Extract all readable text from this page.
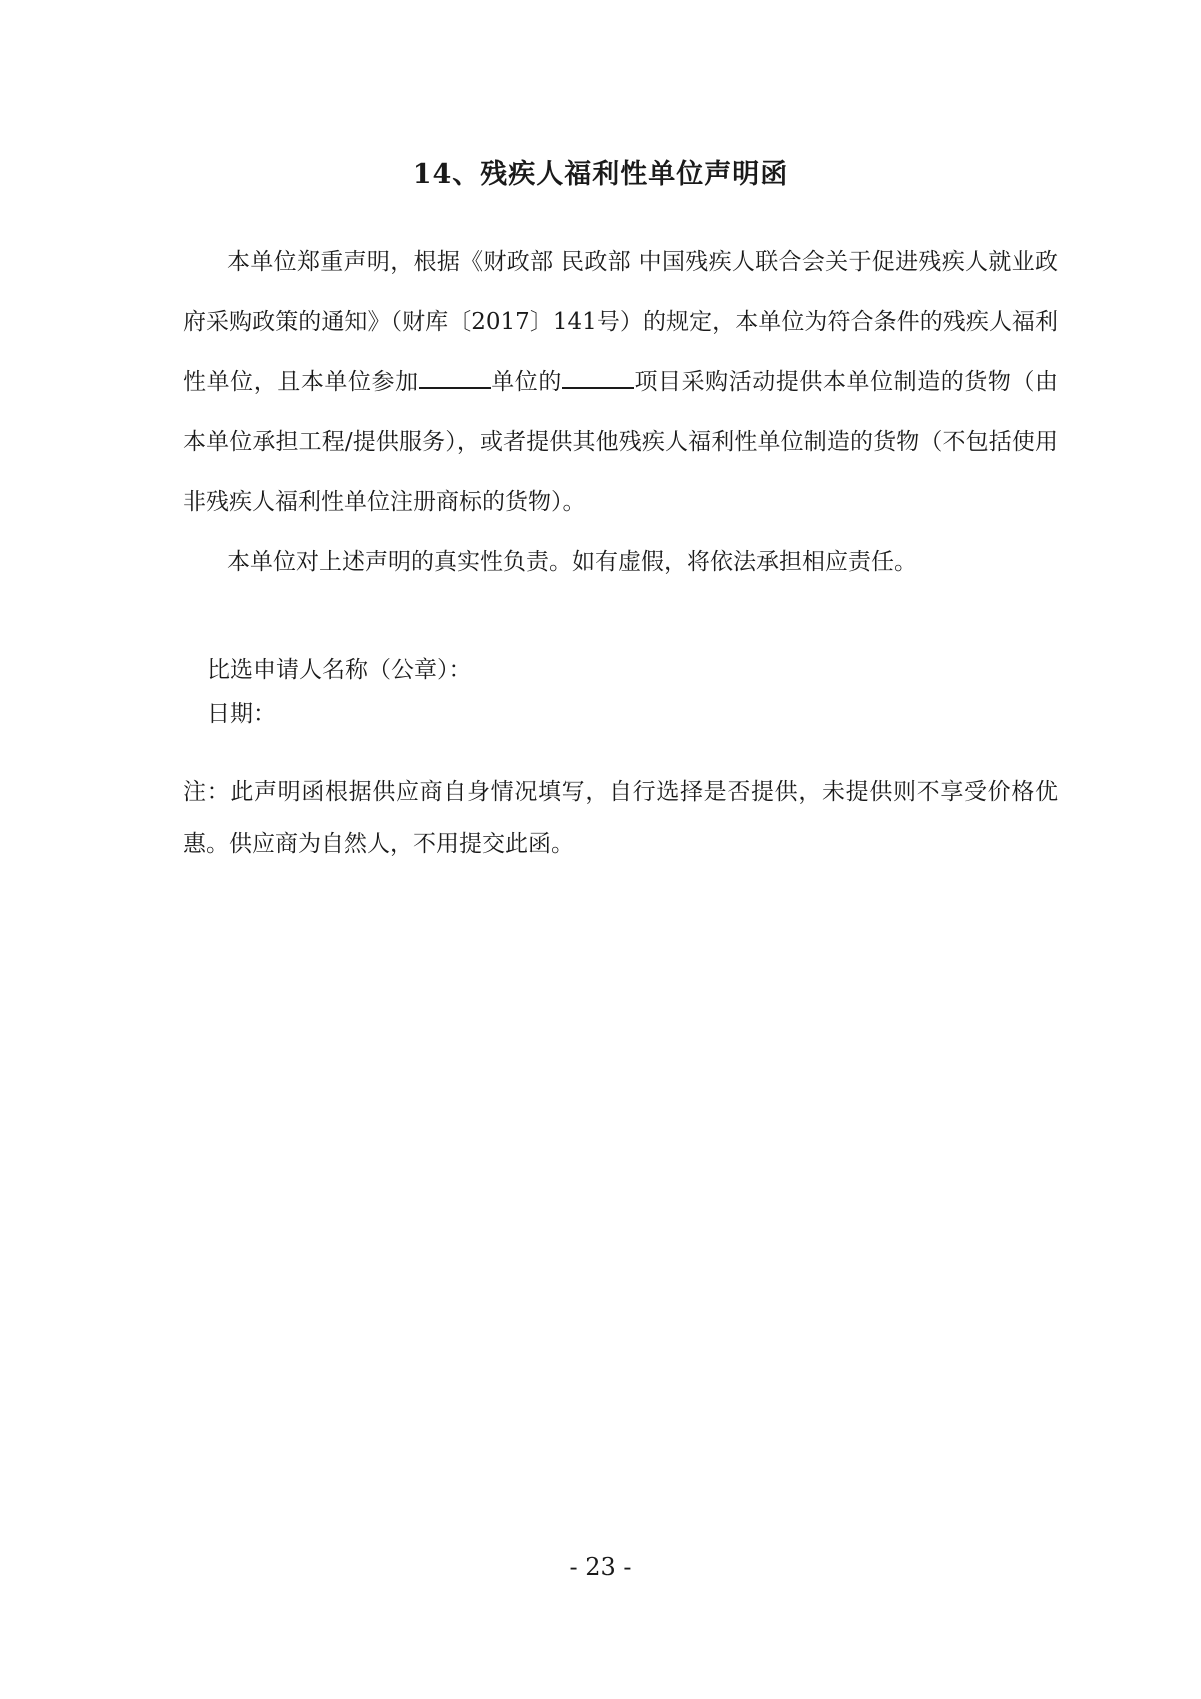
14、残疾人福利性单位声明函

本单位郑重声明，根据《财政部 民政部 中国残疾人联合会关于促进残疾人就业政府采购政策的通知》（财库〔2017〕141号）的规定，本单位为符合条件的残疾人福利性单位，且本单位参加	单位的	项目采购活动提供本单位制造的货物（由本单位承担工程/提供服务），或者提供其他残疾人福利性单位制造的货物（不包括使用非残疾人福利性单位注册商标的货物）。

本单位对上述声明的真实性负责。如有虚假，将依法承担相应责任。

比选申请人名称（公章）：
日期：
注：此声明函根据供应商自身情况填写，自行选择是否提供，未提供则不享受价格优惠。供应商为自然人，不用提交此函。
- 23 -
